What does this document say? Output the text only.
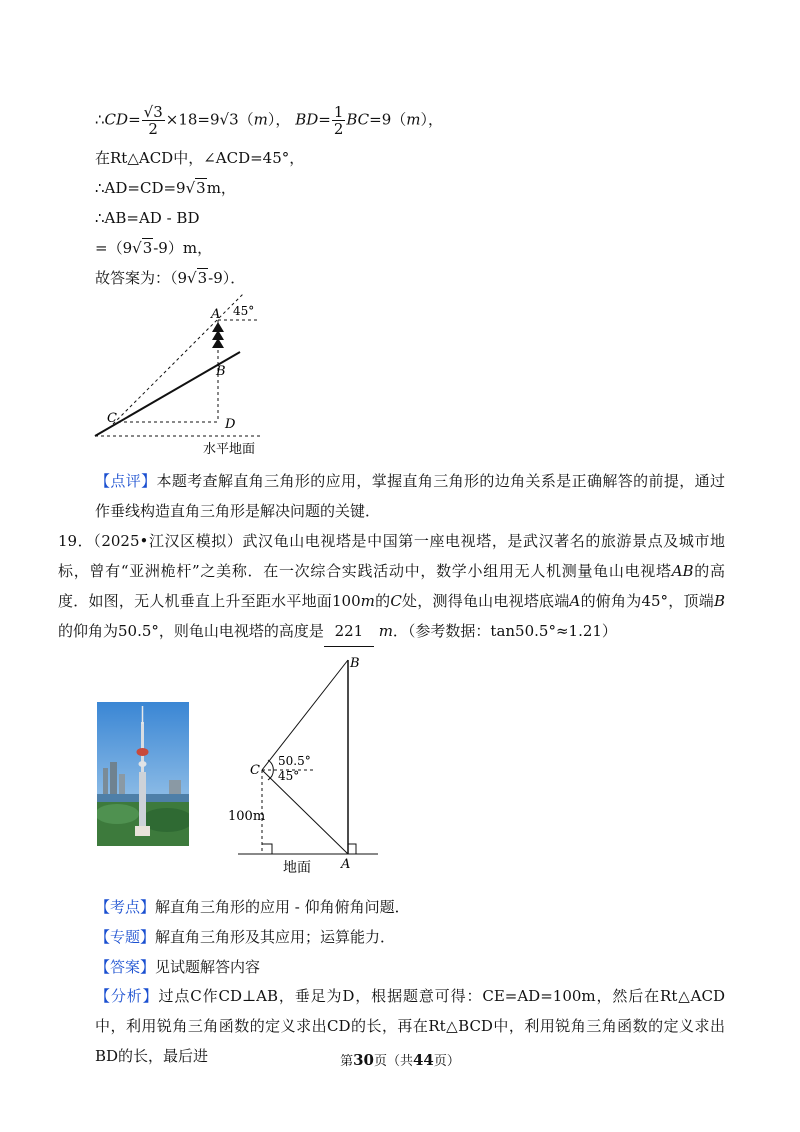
∴CD= $\frac{√3}{2} \times 18=9√3(m)$， $BD= \frac{1}{2} BC=9(m)$，
在Rt△ACD中，∠ACD=45°，
∴AD=CD=9√3m，
∴AB=AD - BD
=（9√3-9）m，
故答案为：（9√3-9）．
A
B
C	D
45°
水平地面
【点评】本题考查解直角三角形的应用，掌握直角三角形的边角关系是正确解答的前提，通过作垂线构造直角三角形是解决问题的关键．
19．（2025•江汉区模拟）武汉龟山电视塔是中国第一座电视塔，是武汉著名的旅游景点及城市地标，曾有“亚洲桅杆”之美称．在一次综合实践活动中，数学小组用无人机测量龟山电视塔AB的高度．如图，无人机垂直上升至距水平地面100m的C处，测得龟山电视塔底端A的俯角为45°，顶端B的仰角为50.5°，则龟山电视塔的高度是 221 m．（参考数据：tan50.5°≈1.21）
B
C
A
50.5°
45°
100m
地面
【考点】解直角三角形的应用 - 仰角俯角问题．
【专题】解直角三角形及其应用；运算能力．
【答案】见试题解答内容
【分析】过点C作CD⊥AB，垂足为D，根据题意可得：CE=AD=100m，然后在Rt△ACD中，利用锐角三角函数的定义求出CD的长，再在Rt△BCD中，利用锐角三角函数的定义求出BD的长，最后进	第30页（共44页）
